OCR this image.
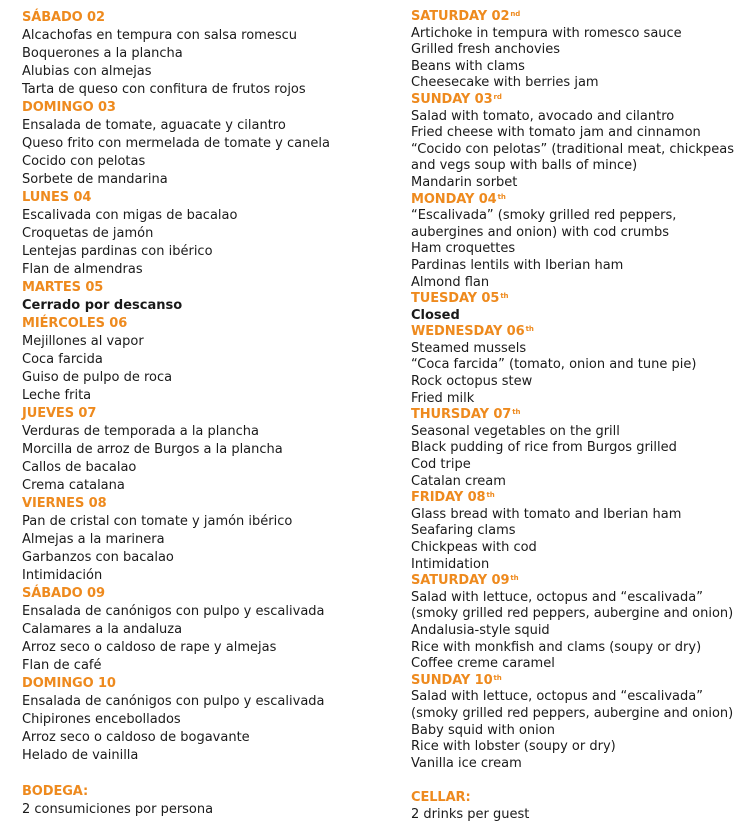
SÁBADO 02
Alcachofas en tempura con salsa romescu
Boquerones a la plancha
Alubias con almejas
Tarta de queso con confitura de frutos rojos
DOMINGO 03
Ensalada de tomate, aguacate y cilantro
Queso frito con mermelada de tomate y canela
Cocido con pelotas
Sorbete de mandarina
LUNES 04
Escalivada con migas de bacalao
Croquetas de jamón
Lentejas pardinas con ibérico
Flan de almendras
MARTES 05
Cerrado por descanso
MIÉRCOLES 06
Mejillones al vapor
Coca farcida
Guiso de pulpo de roca
Leche frita
JUEVES 07
Verduras de temporada a la plancha
Morcilla de arroz de Burgos a la plancha
Callos de bacalao
Crema catalana
VIERNES 08
Pan de cristal con tomate y jamón ibérico
Almejas a la marinera
Garbanzos con bacalao
Intimidación
SÁBADO 09
Ensalada de canónigos con pulpo y escalivada
Calamares a la andaluza
Arroz seco o caldoso de rape y almejas
Flan de café
DOMINGO 10
Ensalada de canónigos con pulpo y escalivada
Chipirones encebollados
Arroz seco o caldoso de bogavante
Helado de vainilla
BODEGA:
2 consumiciones por persona
SATURDAY 02nd
Artichoke in tempura with romesco sauce
Grilled fresh anchovies
Beans with clams
Cheesecake with berries jam
SUNDAY 03rd
Salad with tomato, avocado and cilantro
Fried cheese with tomato jam and cinnamon
“Cocido con pelotas” (traditional meat, chickpeas and vegs soup with balls of mince)
Mandarin sorbet
MONDAY 04th
“Escalivada” (smoky grilled red peppers, aubergines and onion) with cod crumbs
Ham croquettes
Pardinas lentils with Iberian ham
Almond flan
TUESDAY 05th
Closed
WEDNESDAY 06th
Steamed mussels
“Coca farcida” (tomato, onion and tune pie)
Rock octopus stew
Fried milk
THURSDAY 07th
Seasonal vegetables on the grill
Black pudding of rice from Burgos grilled
Cod tripe
Catalan cream
FRIDAY 08th
Glass bread with tomato and Iberian ham
Seafaring clams
Chickpeas with cod
Intimidation
SATURDAY 09th
Salad with lettuce, octopus and “escalivada” (smoky grilled red peppers, aubergine and onion)
Andalusia-style squid
Rice with monkfish and clams (soupy or dry)
Coffee creme caramel
SUNDAY 10th
Salad with lettuce, octopus and “escalivada” (smoky grilled red peppers, aubergine and onion)
Baby squid with onion
Rice with lobster (soupy or dry)
Vanilla ice cream
CELLAR:
2 drinks per guest
